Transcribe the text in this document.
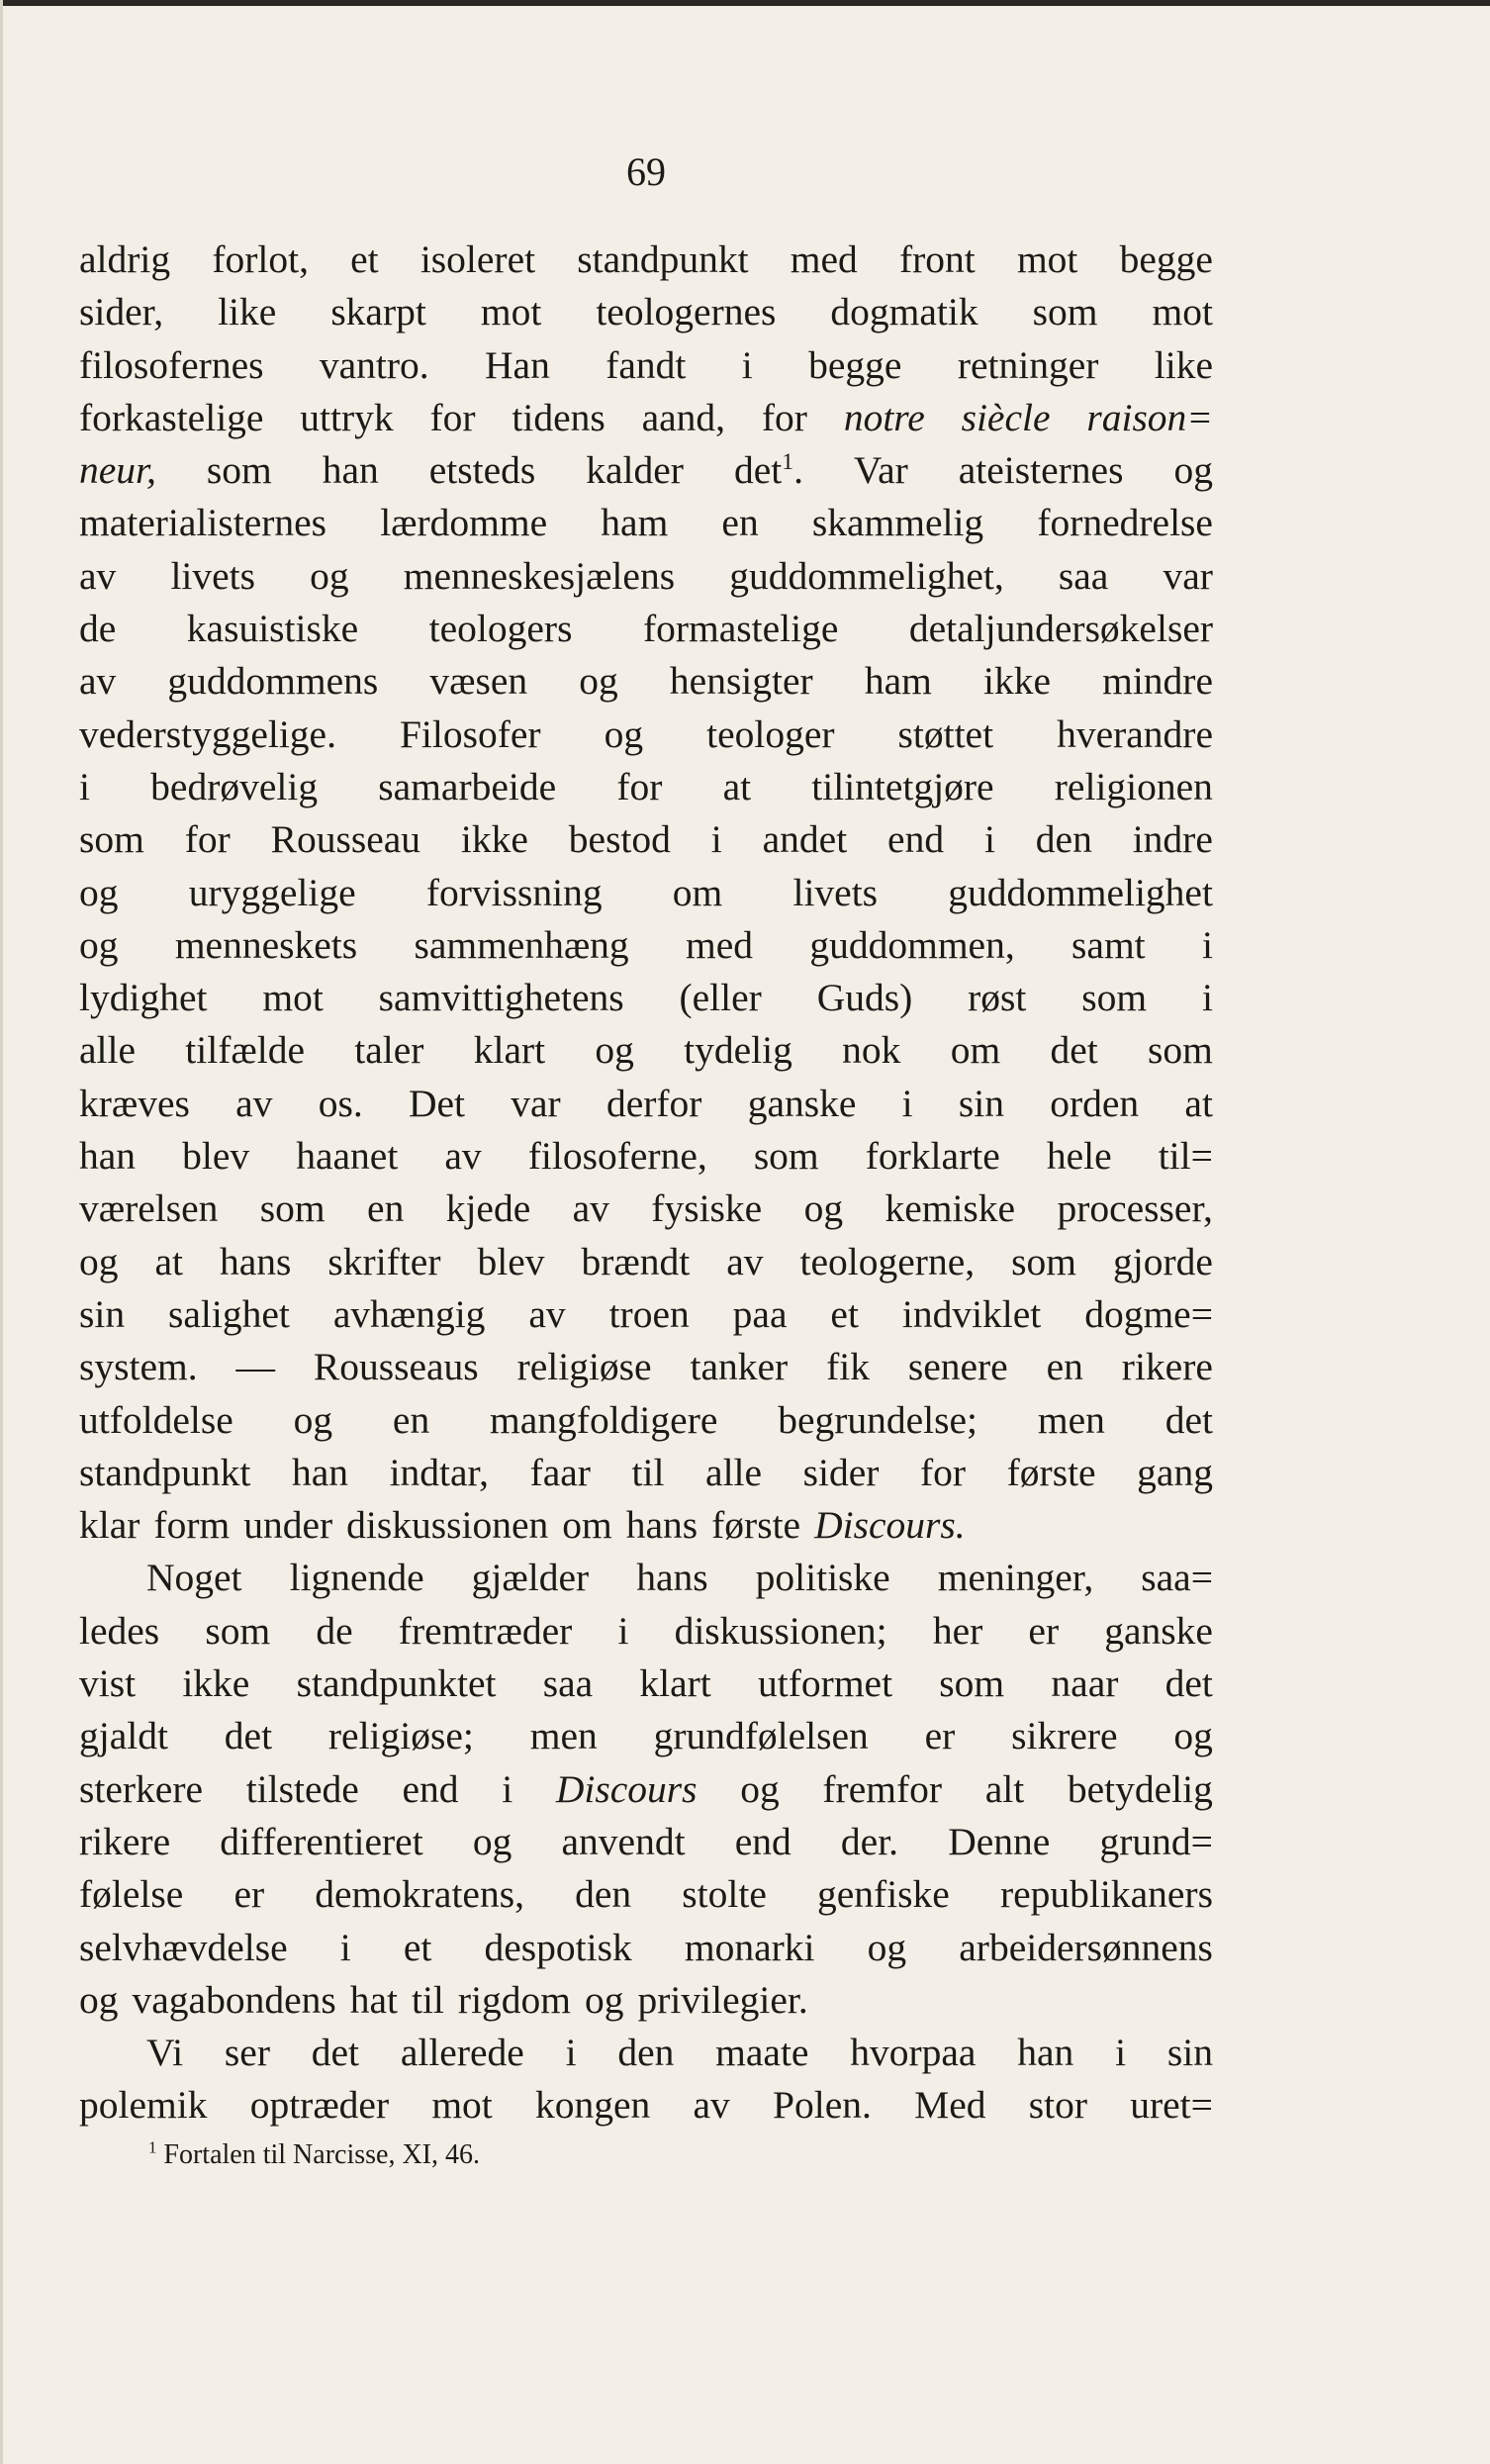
69
aldrig forlot, et isoleret standpunkt med front mot begge
sider, like skarpt mot teologernes dogmatik som mot
filosofernes vantro. Han fandt i begge retninger like
forkastelige uttryk for tidens aand, for notre siècle raison=
neur, som han etsteds kalder $\det^1$. Var ateisternes og
materialisternes lærdomme ham en skammelig fornedrelse
av livets og menneskesjælens guddommelighet, saa var
de kasuistiske teologers formastelige detaljundersøkelser
av guddommens væsen og hensigter ham ikke mindre
vederstyggelige. Filosofer og teologer støttet hverandre
i bedrøvelig samarbeide for at tilintetgjøre religionen
som for Rousseau ikke bestod i andet end i den indre
og uryggelige forvissning om livets guddommelighet
og menneskets sammenhæng med guddommen, samt i
lydighet mot samvittighetens (eller Guds) røst som i
alle tilfælde taler klart og tydelig nok om det som
kræves av os. Det var derfor ganske i sin orden at
han blev haanet av filosoferne, som forklarte hele til=
værelsen som en kjede av fysiske og kemiske processer,
og at hans skrifter blev brændt av teologerne, som gjorde
sin salighet avhængig av troen paa et indviklet dogme=
system. — Rousseaus religiøse tanker fik senere en rikere
utfoldelse og en mangfoldigere begrundelse; men det
standpunkt han indtar, faar til alle sider for første gang
klar form under diskussionen om hans første Discours.
Noget lignende gjælder hans politiske meninger, saa=
ledes som de fremtræder i diskussionen; her er ganske
vist ikke standpunktet saa klart utformet som naar det
gjaldt det religiøse; men grundfølelsen er sikrere og
sterkere tilstede end i Discours og fremfor alt betydelig
rikere differentieret og anvendt end der. Denne grund=
følelse er demokratens, den stolte genfiske republikaners
selvhævdelse i et despotisk monarki og arbeidersønnens
og vagabondens hat til rigdom og privilegier.
Vi ser det allerede i den maate hvorpaa han i sin
polemik optræder mot kongen av Polen. Med stor uret=
$^1$ Fortalen til Narcisse, XI, 46.
